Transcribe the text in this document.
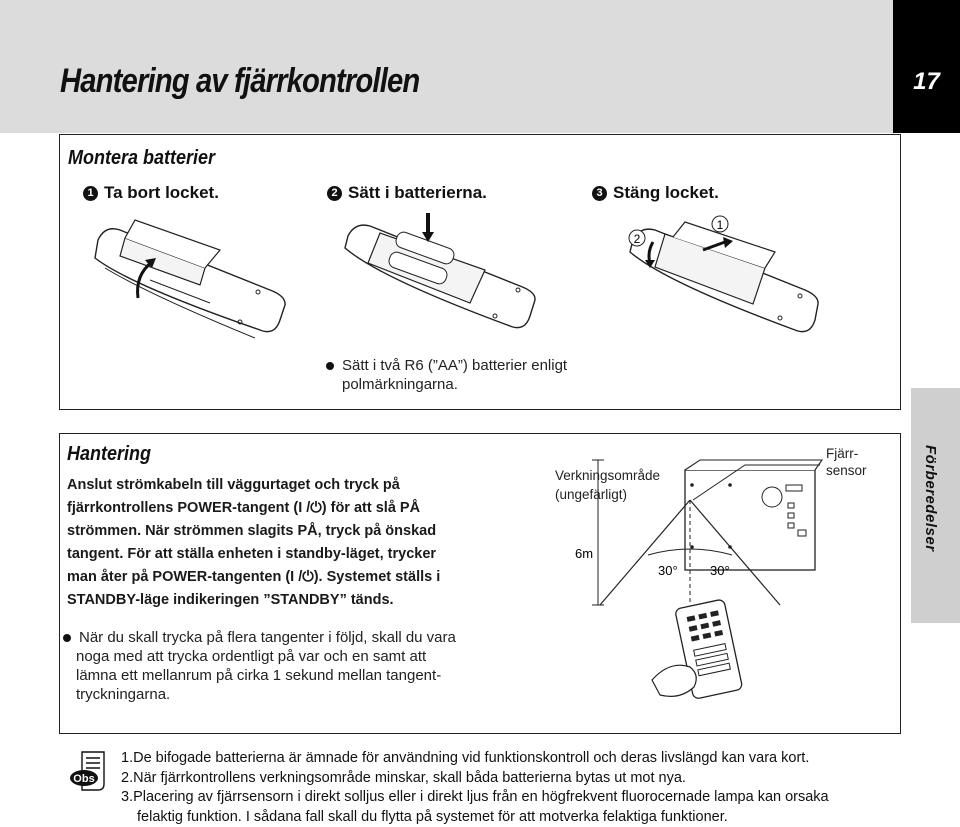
Hantering av fjärrkontrollen	17
Förberedelser
Montera batterier
1 Ta bort locket.	2 Sätt i batterierna.	3 Stäng locket.
1
2
Sätt i två R6 (”AA”) batterier enligt
polmärkningarna.
Hantering
Anslut strömkabeln till väggurtaget och tryck på
fjärrkontrollens POWER-tangent (I /⏻) för att slå PÅ
strömmen. När strömmen slagits PÅ, tryck på önskad
tangent. För att ställa enheten i standby-läget, trycker
man åter på POWER-tangenten (I /⏻). Systemet ställs i
STANDBY-läge indikeringen ”STANDBY” tänds.
När du skall trycka på flera tangenter i följd, skall du vara
noga med att trycka ordentligt på var och en samt att
lämna ett mellanrum på cirka 1 sekund mellan tangent-
tryckningarna.
Verkningsområde
(ungefärligt)
Fjärr-
sensor
6m
30° 30°
Obs

1.De bifogade batterierna är ämnade för användning vid funktionskontroll och deras livslängd kan vara kort.

2.När fjärrkontrollens verkningsområde minskar, skall båda batterierna bytas ut mot nya.

3.Placering av fjärrsensorn i direkt solljus eller i direkt ljus från en högfrekvent fluorocernade lampa kan orsaka

felaktig funktion. I sådana fall skall du flytta på systemet för att motverka felaktiga funktioner.
